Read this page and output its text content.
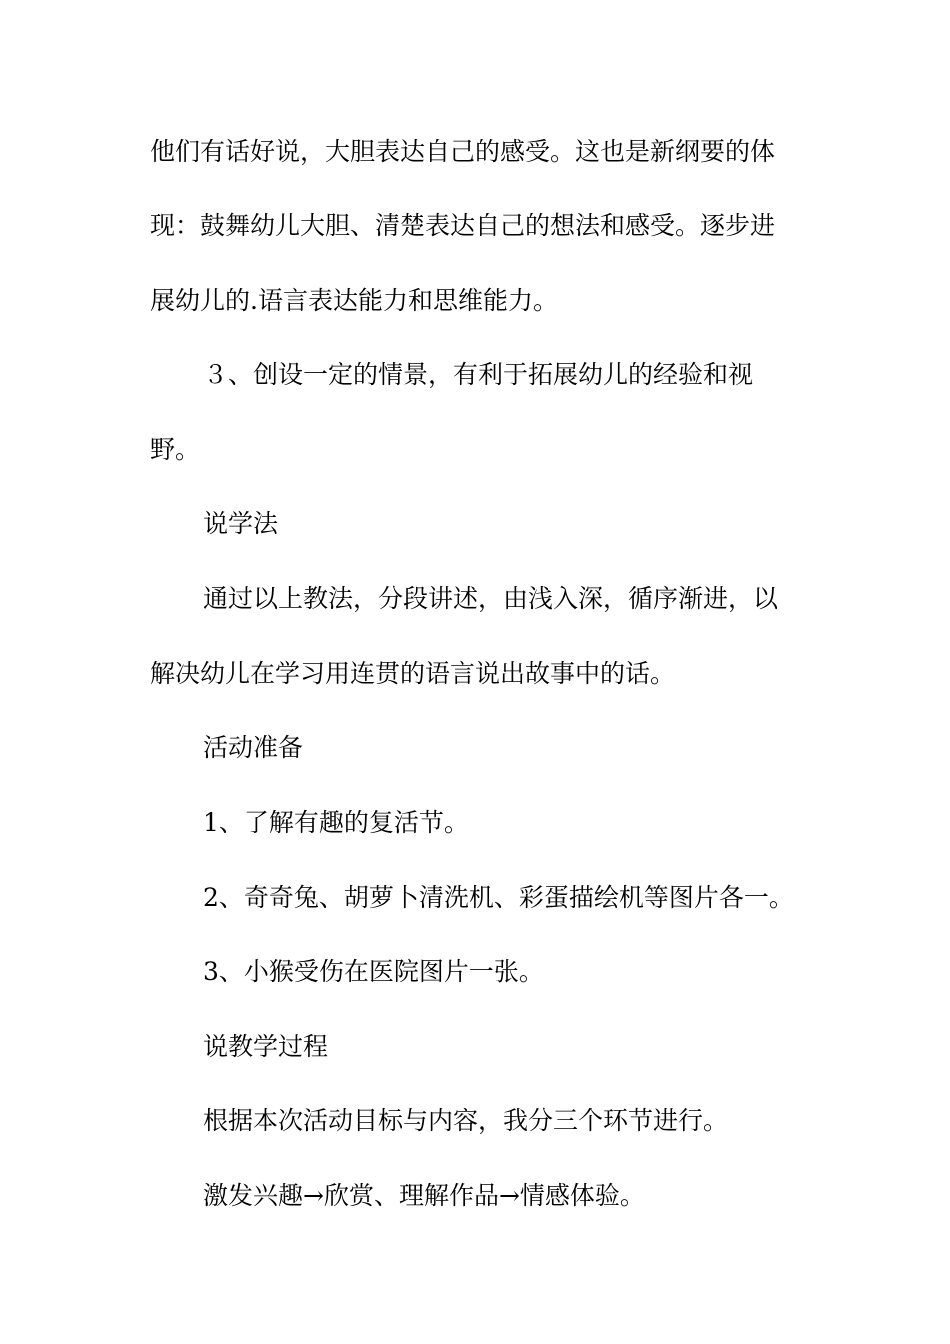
他们有话好说，大胆表达自己的感受。这也是新纲要的体
现：鼓舞幼儿大胆、清楚表达自己的想法和感受。逐步进
展幼儿的.语言表达能力和思维能力。
３、创设一定的情景，有利于拓展幼儿的经验和视
野。
说学法
通过以上教法，分段讲述，由浅入深，循序渐进，以
解决幼儿在学习用连贯的语言说出故事中的话。
活动准备
1、了解有趣的复活节。
2、奇奇兔、胡萝卜清洗机、彩蛋描绘机等图片各一。
3、小猴受伤在医院图片一张。
说教学过程
根据本次活动目标与内容，我分三个环节进行。
激发兴趣→欣赏、理解作品→情感体验。
